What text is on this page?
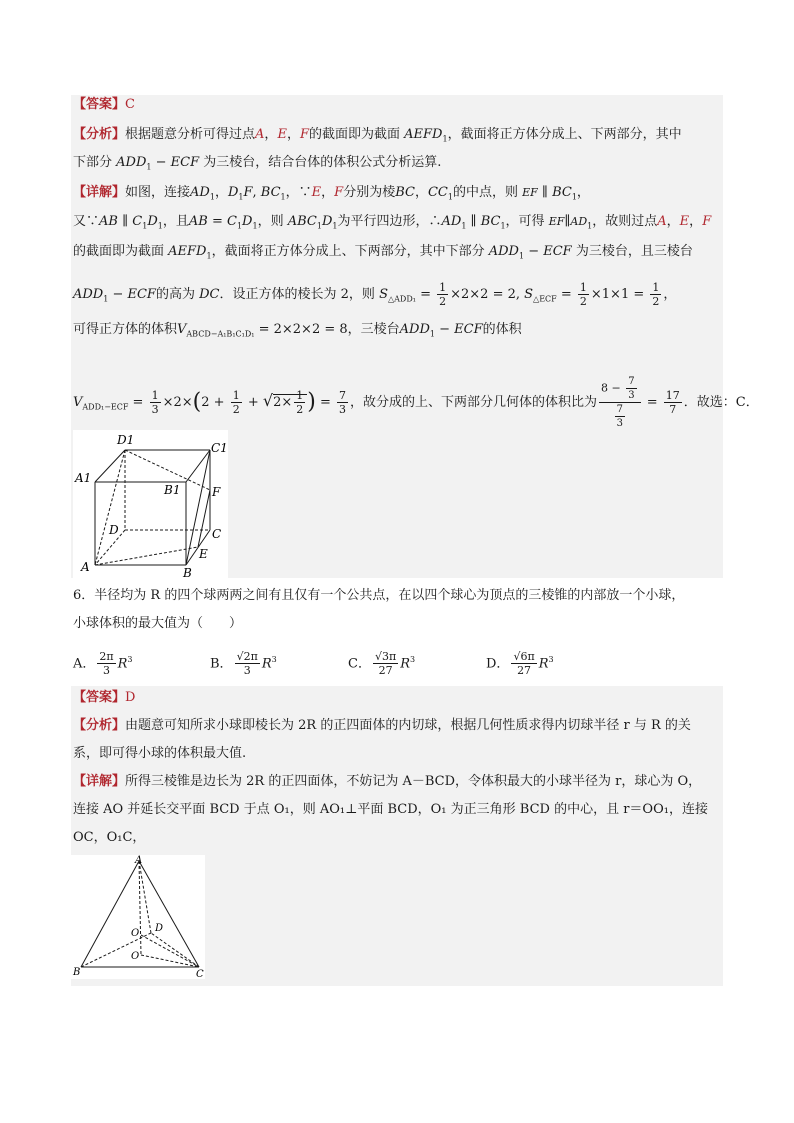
【答案】C
【分析】根据题意分析可得过点A，E，F的截面即为截面 $AEFD_1$，截面将正方体分成上、下两部分，其中
下部分 $ADD_1$ − ECF 为三棱台，结合台体的体积公式分析运算.
【详解】如图，连接$AD_1$，$D_1F$, $BC_1$，∵E，F分别为棱BC，$CC_1$的中点，则 EF ∥ $BC_1$，
又∵AB ∥ $C_1D_1$，且AB = $C_1D_1$，则 $ABC_1D_1$为平行四边形，$\therefore AD_1$ ∥ $BC_1$，可得 $EF\parallel AD_1$，故则过点A，E，F
的截面即为截面 $AEFD_1$，截面将正方体分成上、下两部分，其中下部分 $ADD_1$ − ECF 为三棱台，且三棱台
$ADD_1$ − ECF的高为 DC．设正方体的棱长为 2，则 $S_{\triangle ADD_1} = \frac{1}{2} \times 2\times 2 = 2$, $S_{\triangle ECF} = \frac{1}{2} \times 1\times 1 = \frac{1}{2}$ ，
可得正方体的体积$V_{ABCD-A_1B_1C_1D_1} = 2\times 2\times 2 = 8$，三棱台$ADD_1$ − ECF的体积
$V_{ADD_1-ECF} = \frac{1}{3} \times 2\times(2 + \frac{1}{2} + √2\times \frac{1}{2}$ ) = $\frac{7}{3}$ ，故分成的上、下两部分几何体的体积比为 $\frac{8 - \frac{7}{3}}{\frac{7}{3}} = \frac{17}{7}$ ．故选：C．
D1
C1
A1
B1	F
D	C
A
E
B
6．半径均为 R 的四个球两两之间有且仅有一个公共点，在以四个球心为顶点的三棱锥的内部放一个小球，
小球体积的最大值为（　　）
A． $\frac{2\pi}{3} R^3$	B． $\frac{√2\pi}{3} R^3$	C． $\frac{√3\pi}{27} R^3$	D． $\frac{√6\pi}{27} R^3$
【答案】D
【分析】由题意可知所求小球即棱长为 2R 的正四面体的内切球，根据几何性质求得内切球半径 r 与 R 的关
系，即可得小球的体积最大值.
【详解】所得三棱锥是边长为 2R 的正四面体，不妨记为 A－BCD，令体积最大的小球半径为 r，球心为 O，
连接 AO 并延长交平面 BCD 于点 O₁，则 AO₁⊥平面 BCD，O₁ 为正三角形 BCD 的中心，且 r＝OO₁，连接
OC，O₁C，
A
O D
O
B	C
